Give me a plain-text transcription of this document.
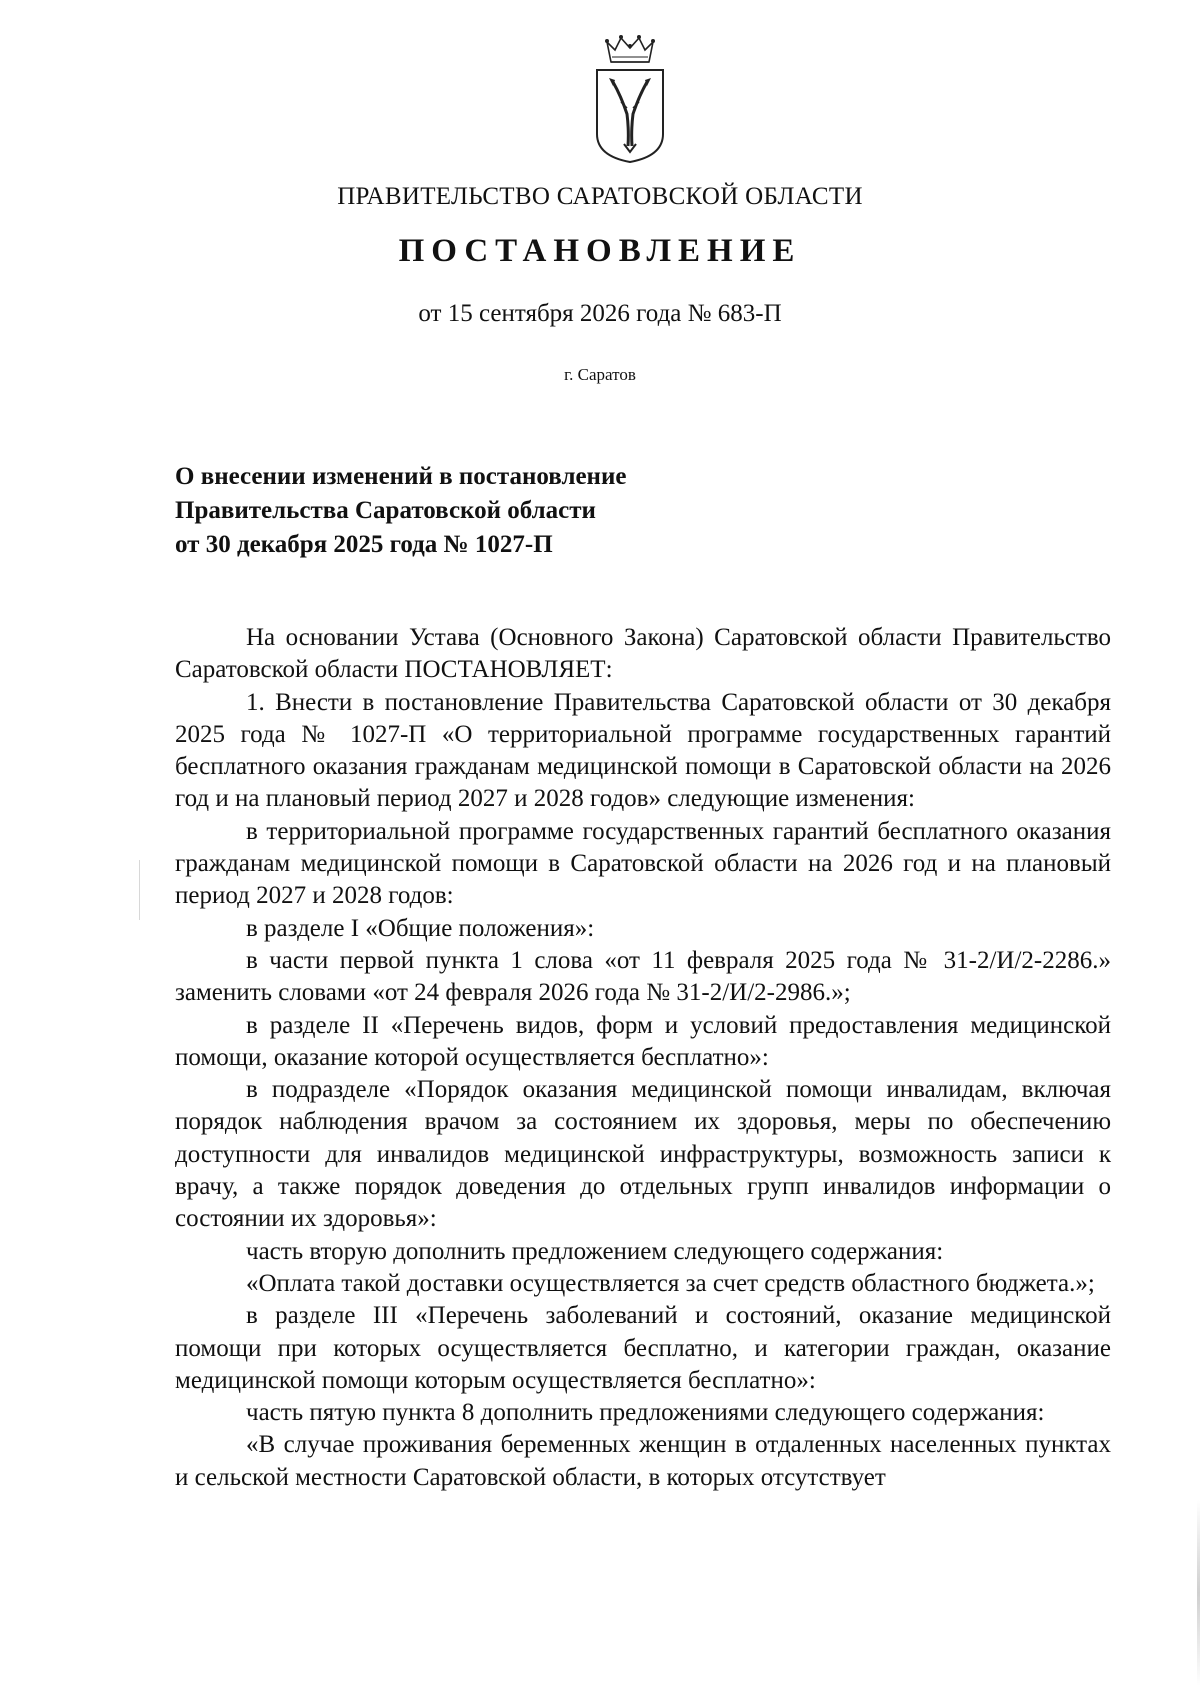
ПРАВИТЕЛЬСТВО САРАТОВСКОЙ ОБЛАСТИ
ПОСТАНОВЛЕНИЕ
от 15 сентября 2026 года № 683-П
г. Саратов
О внесении изменений в постановление
Правительства Саратовской области
от 30 декабря 2025 года № 1027-П

На основании Устава (Основного Закона) Саратовской области Правительство Саратовской области ПОСТАНОВЛЯЕТ:

1. Внести в постановление Правительства Саратовской области от 30 декабря 2025 года № 1027-П «О территориальной программе государственных гарантий бесплатного оказания гражданам медицинской помощи в Саратовской области на 2026 год и на плановый период 2027 и 2028 годов» следующие изменения:

в территориальной программе государственных гарантий бесплатного оказания гражданам медицинской помощи в Саратовской области на 2026 год и на плановый период 2027 и 2028 годов:

в разделе I «Общие положения»:

в части первой пункта 1 слова «от 11 февраля 2025 года № 31-2/И/2-2286.» заменить словами «от 24 февраля 2026 года № 31-2/И/2-2986.»;

в разделе II «Перечень видов, форм и условий предоставления медицинской помощи, оказание которой осуществляется бесплатно»:

в подразделе «Порядок оказания медицинской помощи инвалидам, включая порядок наблюдения врачом за состоянием их здоровья, меры по обеспечению доступности для инвалидов медицинской инфраструктуры, возможность записи к врачу, а также порядок доведения до отдельных групп инвалидов информации о состоянии их здоровья»:

часть вторую дополнить предложением следующего содержания:

«Оплата такой доставки осуществляется за счет средств областного бюджета.»;

в разделе III «Перечень заболеваний и состояний, оказание медицинской помощи при которых осуществляется бесплатно, и категории граждан, оказание медицинской помощи которым осуществляется бесплатно»:

часть пятую пункта 8 дополнить предложениями следующего содержания:

«В случае проживания беременных женщин в отдаленных населенных пунктах и сельской местности Саратовской области, в которых отсутствует
